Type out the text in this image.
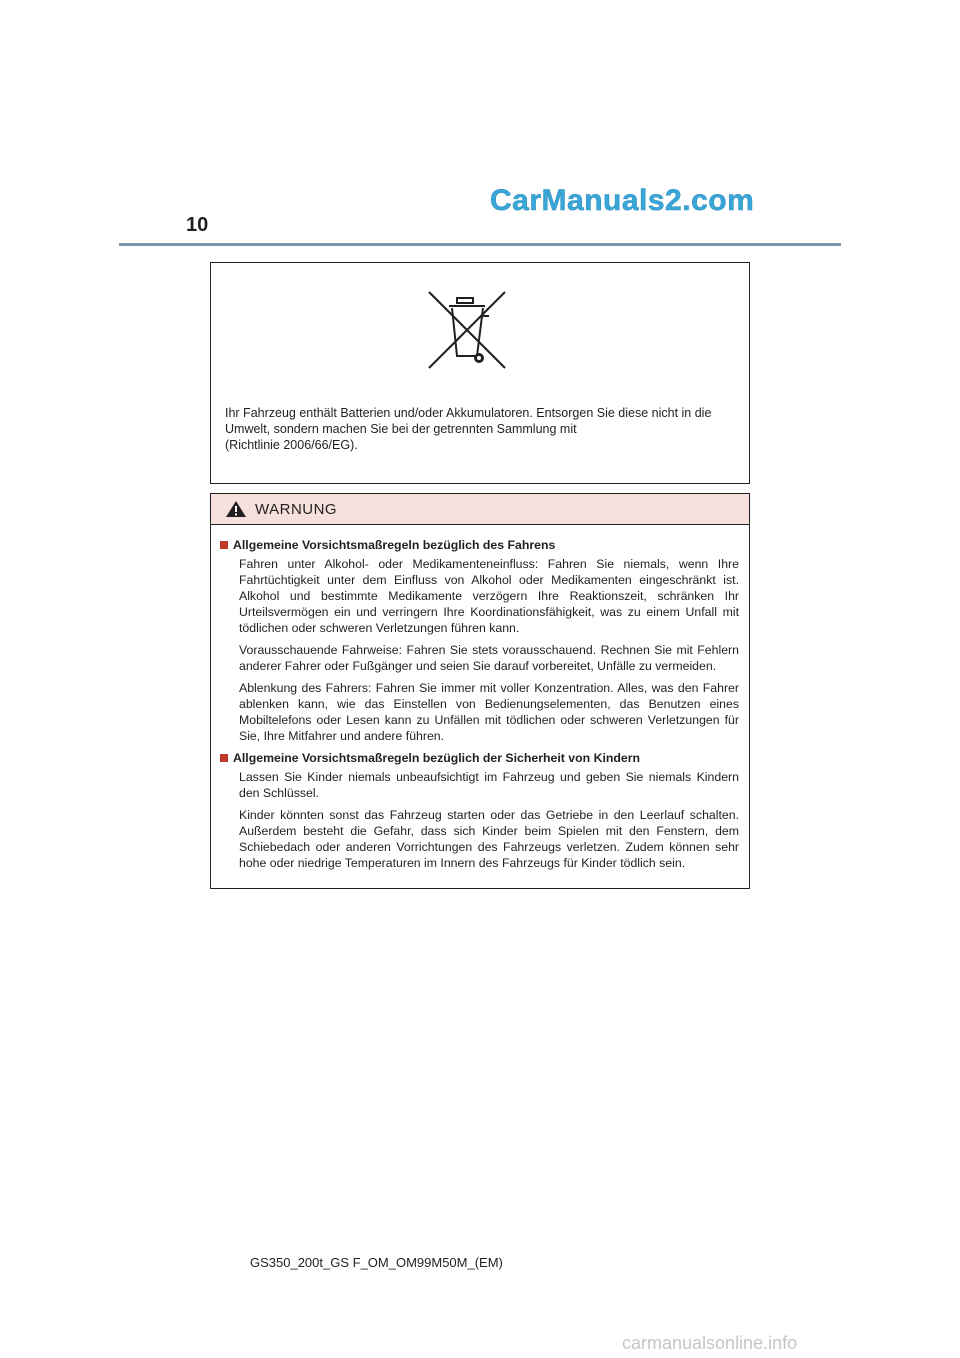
10
CarManuals2.com
Ihr Fahrzeug enthält Batterien und/oder Akkumulatoren. Entsorgen Sie diese nicht in die
Umwelt, sondern machen Sie bei der getrennten Sammlung mit
(Richtlinie 2006/66/EG).
WARNUNG
Allgemeine Vorsichtsmaßregeln bezüglich des Fahrens

Fahren unter Alkohol- oder Medikamenteneinfluss: Fahren Sie niemals, wenn Ihre Fahrtüchtigkeit unter dem Einfluss von Alkohol oder Medikamenten eingeschränkt ist. Alkohol und bestimmte Medikamente verzögern Ihre Reaktionszeit, schränken Ihr Urteilsvermögen ein und verringern Ihre Koordinationsfähigkeit, was zu einem Unfall mit tödlichen oder schweren Verletzungen führen kann.

Vorausschauende Fahrweise: Fahren Sie stets vorausschauend. Rechnen Sie mit Fehlern anderer Fahrer oder Fußgänger und seien Sie darauf vorbereitet, Unfälle zu vermeiden.

Ablenkung des Fahrers: Fahren Sie immer mit voller Konzentration. Alles, was den Fahrer ablenken kann, wie das Einstellen von Bedienungselementen, das Benutzen eines Mobiltelefons oder Lesen kann zu Unfällen mit tödlichen oder schweren Verletzungen für Sie, Ihre Mitfahrer und andere führen.

Allgemeine Vorsichtsmaßregeln bezüglich der Sicherheit von Kindern

Lassen Sie Kinder niemals unbeaufsichtigt im Fahrzeug und geben Sie niemals Kindern den Schlüssel.

Kinder könnten sonst das Fahrzeug starten oder das Getriebe in den Leerlauf schalten. Außerdem besteht die Gefahr, dass sich Kinder beim Spielen mit den Fenstern, dem Schiebedach oder anderen Vorrichtungen des Fahrzeugs verletzen. Zudem können sehr hohe oder niedrige Temperaturen im Innern des Fahrzeugs für Kinder tödlich sein.

GS350_200t_GS F_OM_OM99M50M_(EM)
carmanualsonline.info
